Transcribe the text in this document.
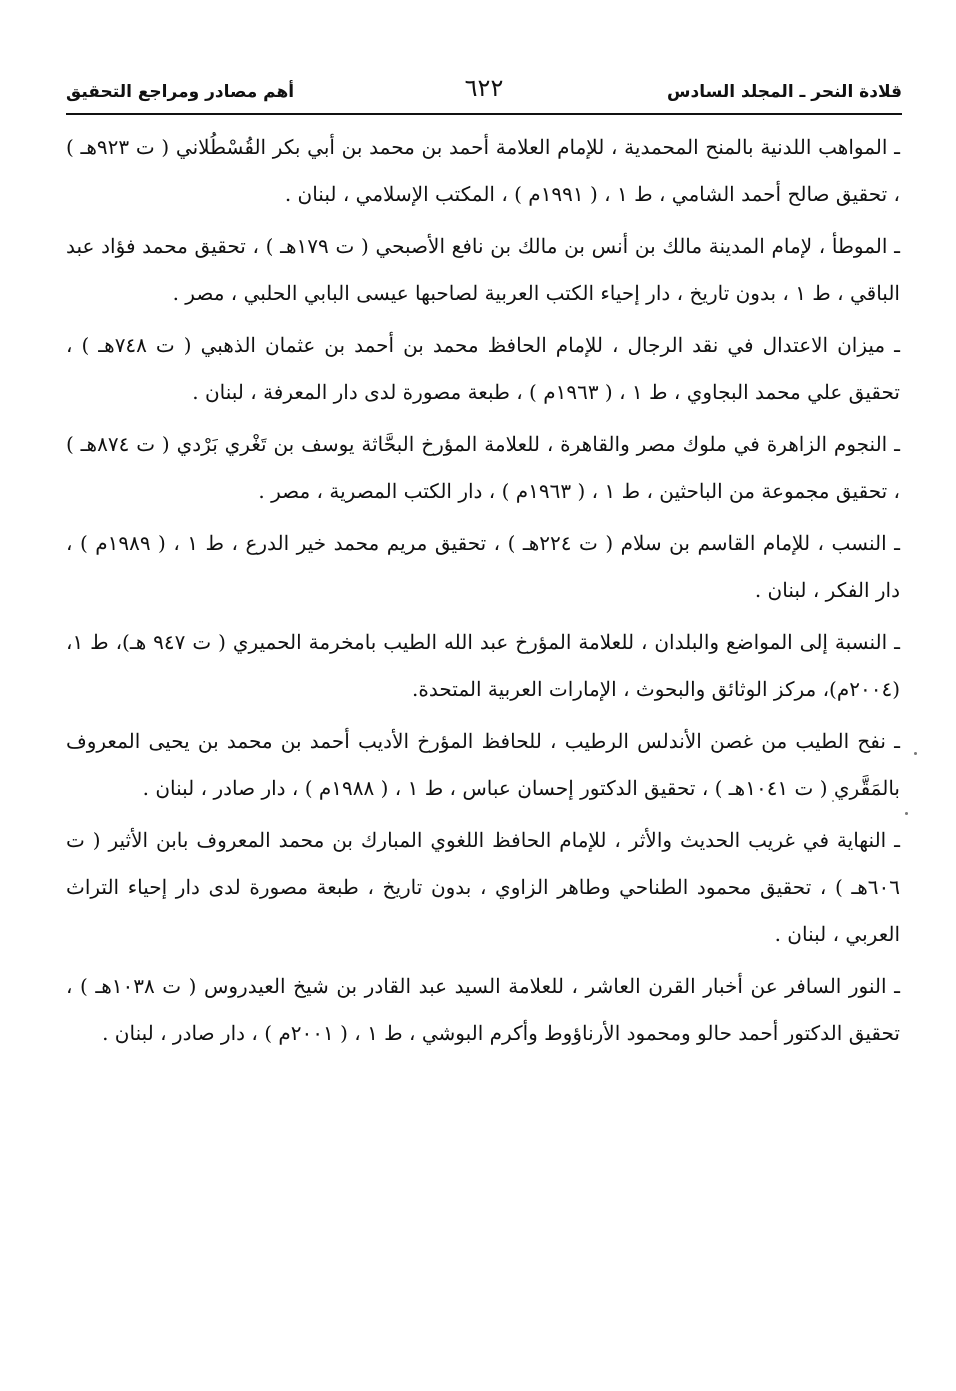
قلادة النحر ـ المجلد السادس
٦٢٢
أهم مصادر ومراجع التحقيق

ـ المواهب اللدنية بالمنح المحمدية ، للإمام العلامة أحمد بن محمد بن أبي بكر القُسْطُلاني ( ت ٩٢٣هـ ) ، تحقيق صالح أحمد الشامي ، ط ١ ، ( ١٩٩١م ) ، المكتب الإسلامي ، لبنان .

ـ الموطأ ، لإمام المدينة مالك بن أنس بن مالك بن نافع الأصبحي ( ت ١٧٩هـ ) ، تحقيق محمد فؤاد عبد الباقي ، ط ١ ، بدون تاريخ ، دار إحياء الكتب العربية لصاحبها عيسى البابي الحلبي ، مصر .

ـ ميزان الاعتدال في نقد الرجال ، للإمام الحافظ محمد بن أحمد بن عثمان الذهبي ( ت ٧٤٨هـ ) ، تحقيق علي محمد البجاوي ، ط ١ ، ( ١٩٦٣م ) ، طبعة مصورة لدى دار المعرفة ، لبنان .

ـ النجوم الزاهرة في ملوك مصر والقاهرة ، للعلامة المؤرخ البحَّاثة يوسف بن تَغْري بَرْدي ( ت ٨٧٤هـ ) ، تحقيق مجموعة من الباحثين ، ط ١ ، ( ١٩٦٣م ) ، دار الكتب المصرية ، مصر .

ـ النسب ، للإمام القاسم بن سلام ( ت ٢٢٤هـ ) ، تحقيق مريم محمد خير الدرع ، ط ١ ، ( ١٩٨٩م ) ، دار الفكر ، لبنان .

ـ النسبة إلى المواضع والبلدان ، للعلامة المؤرخ عبد الله الطيب بامخرمة الحميري ( ت ٩٤٧ هـ)، ط ١، (٢٠٠٤م)، مركز الوثائق والبحوث ، الإمارات العربية المتحدة.

ـ نفح الطيب من غصن الأندلس الرطيب ، للحافظ المؤرخ الأديب أحمد بن محمد بن يحيى المعروف بالمَقَّري ( ت ١٠٤١هـ ) ، تحقيق الدكتور إحسان عباس ، ط ١ ، ( ١٩٨٨م ) ، دار صادر ، لبنان .

ـ النهاية في غريب الحديث والأثر ، للإمام الحافظ اللغوي المبارك بن محمد المعروف بابن الأثير ( ت ٦٠٦هـ ) ، تحقيق محمود الطناحي وطاهر الزاوي ، بدون تاريخ ، طبعة مصورة لدى دار إحياء التراث العربي ، لبنان .

ـ النور السافر عن أخبار القرن العاشر ، للعلامة السيد عبد القادر بن شيخ العيدروس ( ت ١٠٣٨هـ ) ، تحقيق الدكتور أحمد حالو ومحمود الأرناؤوط وأكرم البوشي ، ط ١ ، ( ٢٠٠١م ) ، دار صادر ، لبنان .
